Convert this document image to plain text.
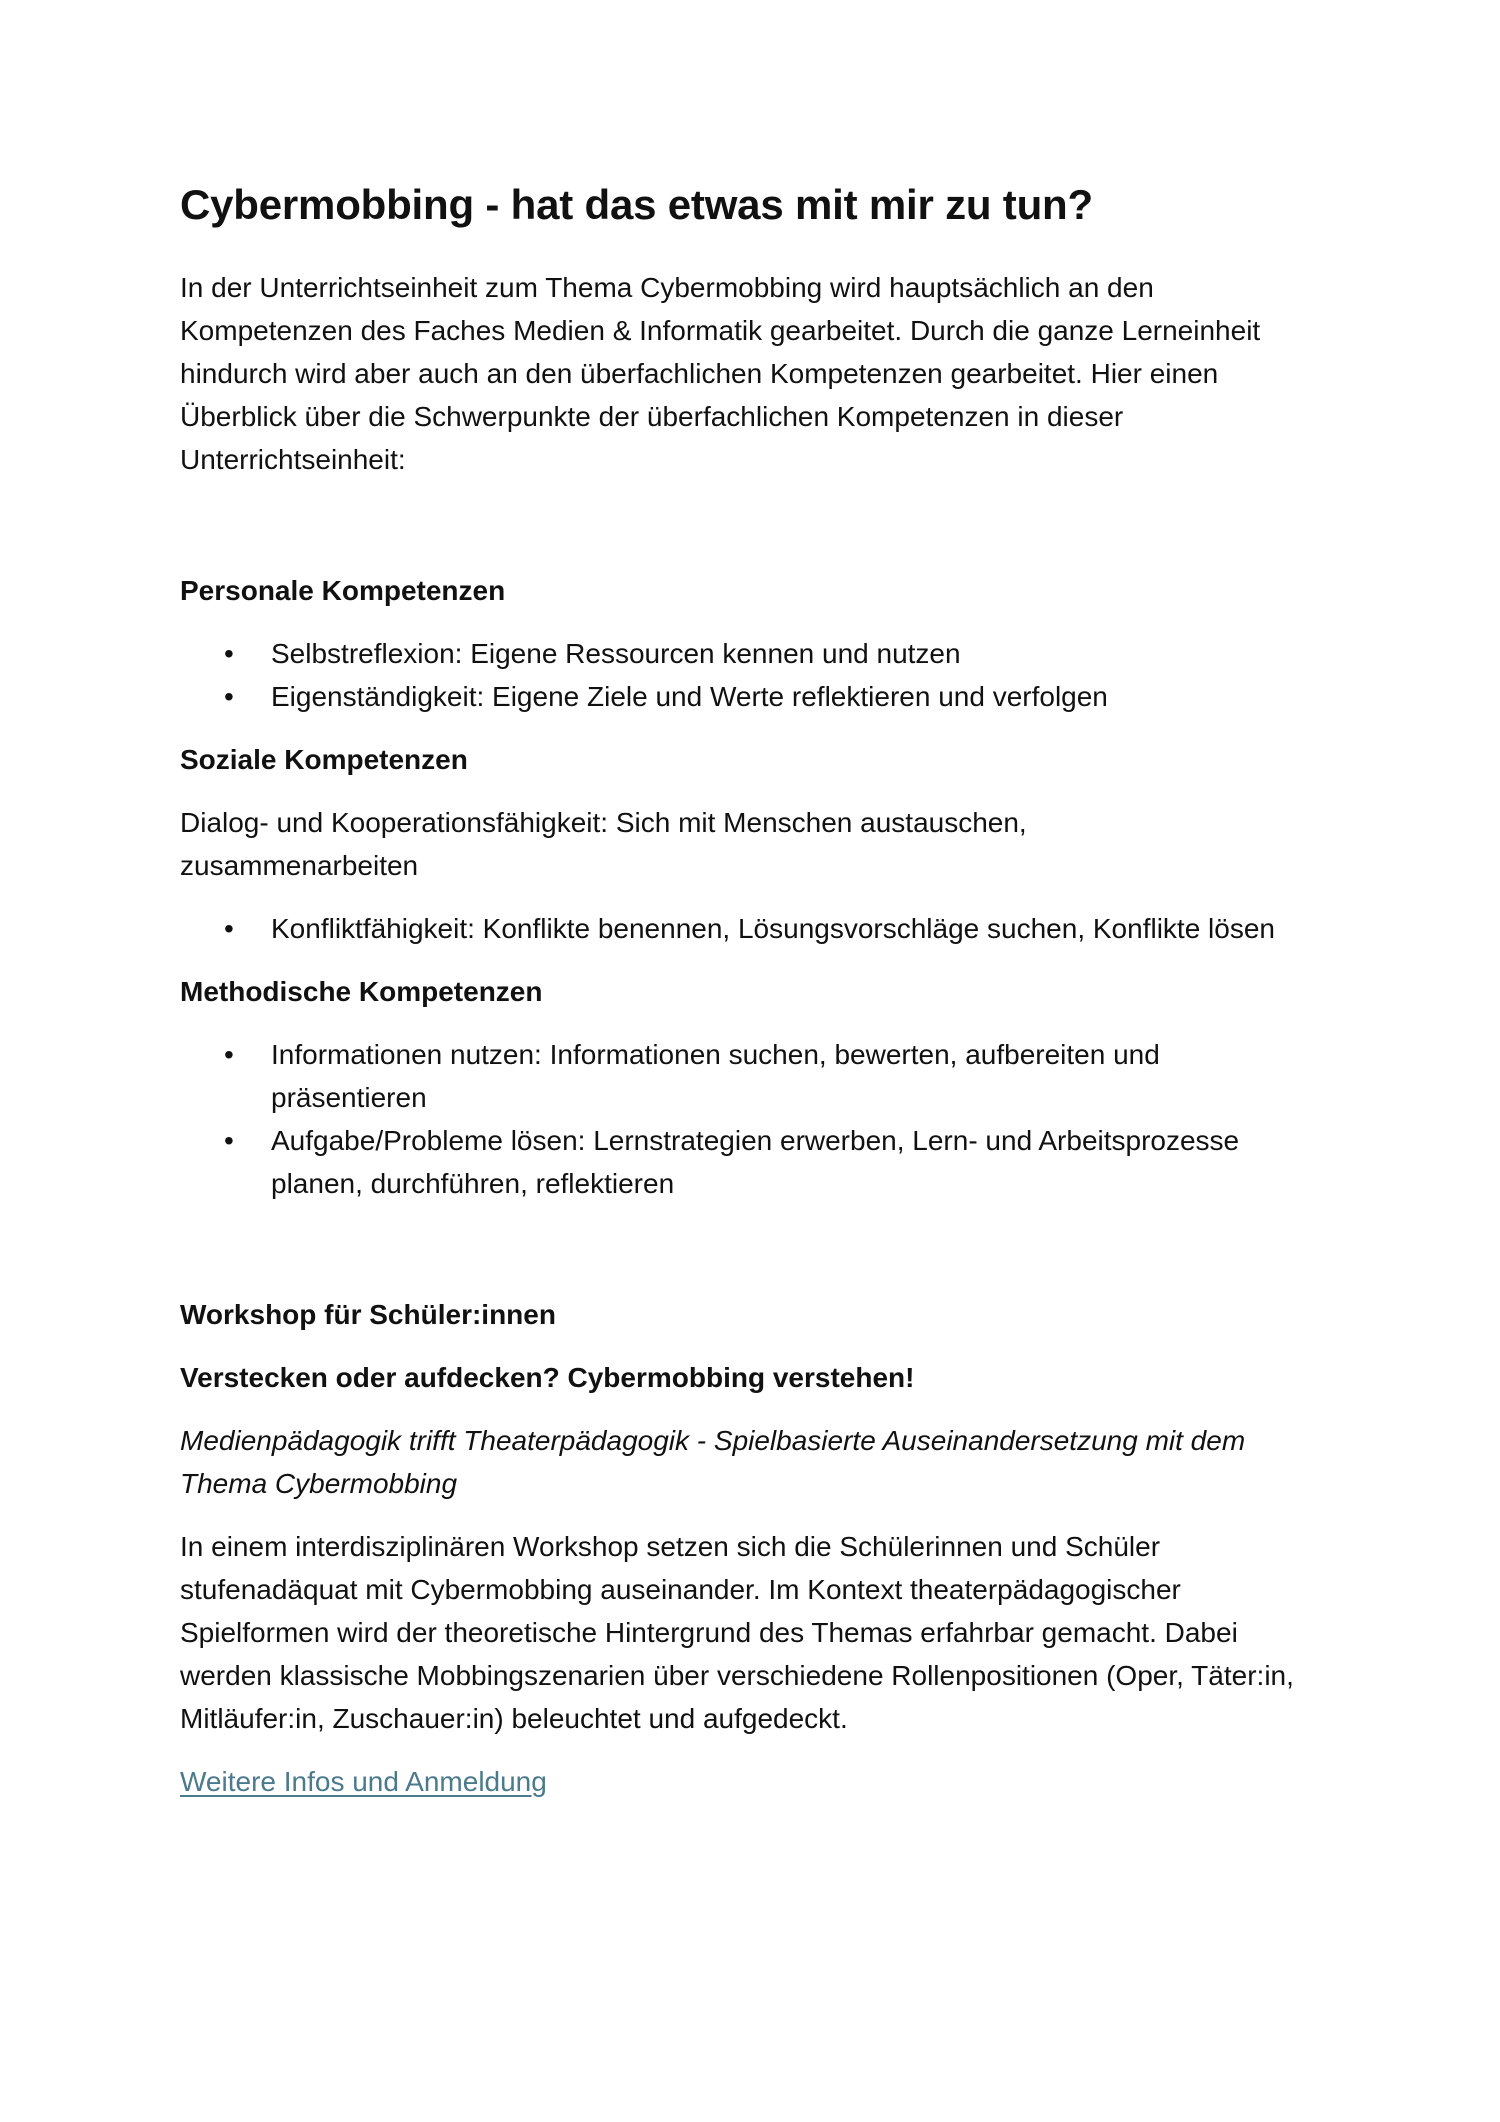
Cybermobbing - hat das etwas mit mir zu tun?

In der Unterrichtseinheit zum Thema Cybermobbing wird hauptsächlich an den Kompetenzen des Faches Medien & Informatik gearbeitet. Durch die ganze Lerneinheit hindurch wird aber auch an den überfachlichen Kompetenzen gearbeitet. Hier einen Überblick über die Schwerpunkte der überfachlichen Kompetenzen in dieser Unterrichtseinheit:

Personale Kompetenzen
• Selbstreflexion: Eigene Ressourcen kennen und nutzen
• Eigenständigkeit: Eigene Ziele und Werte reflektieren und verfolgen
Soziale Kompetenzen

Dialog- und Kooperationsfähigkeit: Sich mit Menschen austauschen, zusammenarbeiten

• Konfliktfähigkeit: Konflikte benennen, Lösungsvorschläge suchen, Konflikte lösen
Methodische Kompetenzen
• Informationen nutzen: Informationen suchen, bewerten, aufbereiten und präsentieren
• Aufgabe/Probleme lösen: Lernstrategien erwerben, Lern- und Arbeitsprozesse planen, durchführen, reflektieren
Workshop für Schüler:innen
Verstecken oder aufdecken? Cybermobbing verstehen!

Medienpädagogik trifft Theaterpädagogik - Spielbasierte Auseinandersetzung mit dem Thema Cybermobbing

In einem interdisziplinären Workshop setzen sich die Schülerinnen und Schüler stufenadäquat mit Cybermobbing auseinander. Im Kontext theaterpädagogischer Spielformen wird der theoretische Hintergrund des Themas erfahrbar gemacht. Dabei werden klassische Mobbingszenarien über verschiedene Rollenpositionen (Oper, Täter:in, Mitläufer:in, Zuschauer:in) beleuchtet und aufgedeckt.

Weitere Infos und Anmeldung
